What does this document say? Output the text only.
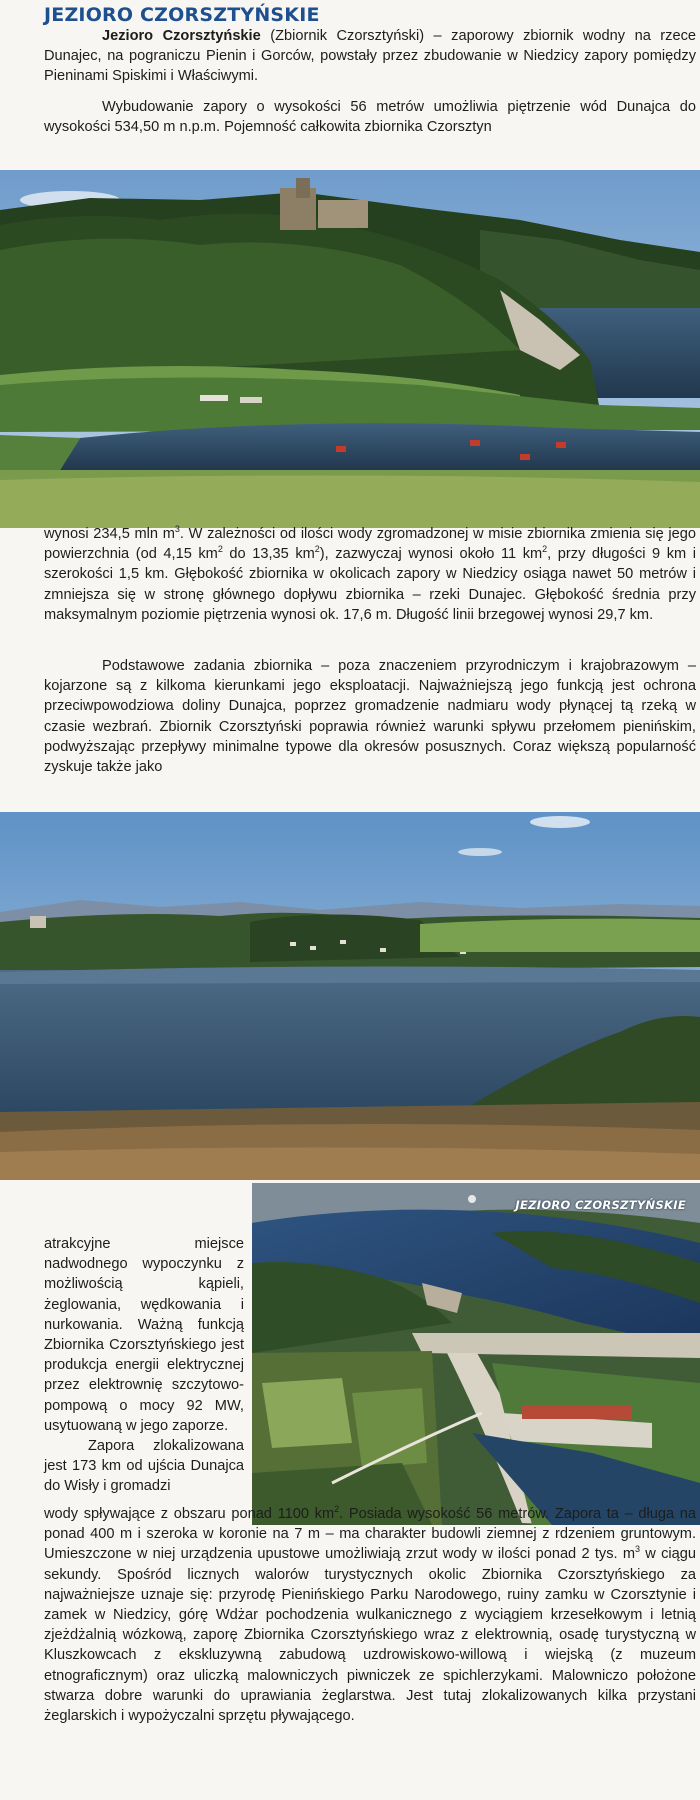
JEZIORO CZORSZTYŃSKIE

Jezioro Czorsztyńskie (Zbiornik Czorsztyński) – zaporowy zbiornik wodny na rzece Dunajec, na pograniczu Pienin i Gorców, powstały przez zbudowanie w Niedzicy zapory pomiędzy Pieninami Spiskimi i Właściwymi.

Wybudowanie zapory o wysokości 56 metrów umożliwia piętrzenie wód Dunajca do wysokości 534,50 m n.p.m. Pojemność całkowita zbiornika Czorsztyn

wynosi 234,5 mln $m^3$. W zależności od ilości wody zgromadzonej w misie zbiornika zmienia się jego powierzchnia (od 4,15 $km^2$ do 13,35 $km^2$), zazwyczaj wynosi około 11 $km^2$, przy długości 9 km i szerokości 1,5 km. Głębokość zbiornika w okolicach zapory w Niedzicy osiąga nawet 50 metrów i zmniejsza się w stronę głównego dopływu zbiornika – rzeki Dunajec. Głębokość średnia przy maksymalnym poziomie piętrzenia wynosi ok. 17,6 m. Długość linii brzegowej wynosi 29,7 km.

Podstawowe zadania zbiornika – poza znaczeniem przyrodniczym i krajobrazowym – kojarzone są z kilkoma kierunkami jego eksploatacji. Najważniejszą jego funkcją jest ochrona przeciwpowodziowa doliny Dunajca, poprzez gromadzenie nadmiaru wody płynącej tą rzeką w czasie wezbrań. Zbiornik Czorsztyński poprawia również warunki spływu przełomem pienińskim, podwyższając przepływy minimalne typowe dla okresów posusznych. Coraz większą popularność zyskuje także jako

JEZIORO CZORSZTYŃSKIE

atrakcyjne miejsce nadwodnego wypoczynku z możliwością kąpieli, żeglowania, wędkowania i nurkowania. Ważną funkcją Zbiornika Czorsztyńskiego jest produkcja energii elektrycznej przez elektrownię szczytowo-pompową o mocy 92 MW, usytuowaną w jego zaporze.
Zapora zlokalizowana jest 173 km od ujścia Dunajca do Wisły i gromadzi

wody spływające z obszaru ponad 1100 $km^2$. Posiada wysokość 56 metrów. Zapora ta – długa na ponad 400 m i szeroka w koronie na 7 m – ma charakter budowli ziemnej z rdzeniem gruntowym. Umieszczone w niej urządzenia upustowe umożliwiają zrzut wody w ilości ponad 2 tys. $m^3$ w ciągu sekundy. Spośród licznych walorów turystycznych okolic Zbiornika Czorsztyńskiego za najważniejsze uznaje się: przyrodę Pienińskiego Parku Narodowego, ruiny zamku w Czorsztynie i zamek w Niedzicy, górę Wdżar pochodzenia wulkanicznego z wyciągiem krzesełkowym i letnią zjeżdżalnią wózkową, zaporę Zbiornika Czorsztyńskiego wraz z elektrownią, osadę turystyczną w Kluszkowcach z ekskluzywną zabudową uzdrowiskowo-willową i wiejską (z muzeum etnograficznym) oraz uliczką malowniczych piwniczek ze spichlerzykami. Malowniczo położone stwarza dobre warunki do uprawiania żeglarstwa. Jest tutaj zlokalizowanych kilka przystani żeglarskich i wypożyczalni sprzętu pływającego.
